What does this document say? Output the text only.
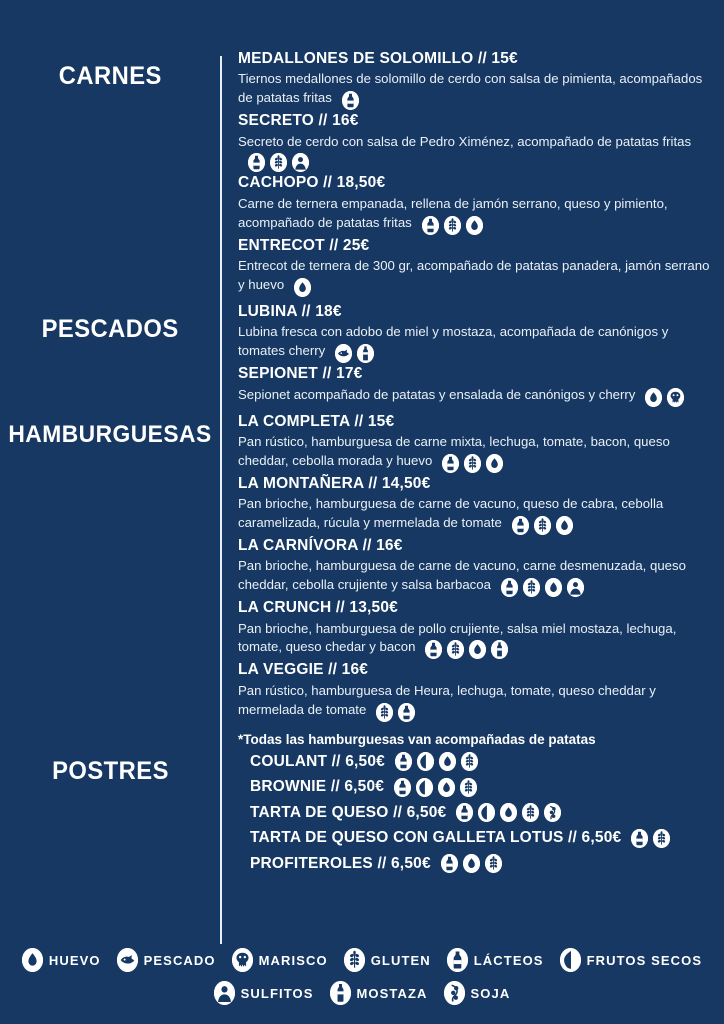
CARNES
MEDALLONES DE SOLOMILLO // 15€
Tiernos medallones de solomillo de cerdo con salsa de pimienta, acompañados de patatas fritas
SECRETO // 16€
Secreto de cerdo con salsa de Pedro Ximénez, acompañado de patatas fritas
CACHOPO // 18,50€
Carne de ternera empanada, rellena de jamón serrano, queso y pimiento, acompañado de patatas fritas
ENTRECOT // 25€
Entrecot de ternera de 300 gr, acompañado de patatas panadera, jamón serrano y huevo
PESCADOS
LUBINA // 18€
Lubina fresca con adobo de miel y mostaza, acompañada de canónigos y tomates cherry
SEPIONET // 17€
Sepionet acompañado de patatas y ensalada de canónigos y cherry
HAMBURGUESAS LA COMPLETA // 15€
Pan rústico, hamburguesa de carne mixta, lechuga, tomate, bacon, queso cheddar, cebolla morada y huevo
LA MONTAÑERA // 14,50€
Pan brioche, hamburguesa de carne de vacuno, queso de cabra, cebolla caramelizada, rúcula y mermelada de tomate
LA CARNÍVORA // 16€
Pan brioche, hamburguesa de carne de vacuno, carne desmenuzada, queso cheddar, cebolla crujiente y salsa barbacoa
LA CRUNCH // 13,50€
Pan brioche, hamburguesa de pollo crujiente, salsa miel mostaza, lechuga, tomate, queso chedar y bacon
LA VEGGIE // 16€
Pan rústico, hamburguesa de Heura, lechuga, tomate, queso cheddar y mermelada de tomate
*Todas las hamburguesas van acompañadas de patatas
POSTRES	COULANT // 6,50€
BROWNIE // 6,50€
TARTA DE QUESO // 6,50€
TARTA DE QUESO CON GALLETA LOTUS // 6,50€
PROFITEROLES // 6,50€
HUEVO	PESCADO	MARISCO	GLUTEN	LÁCTEOS	FRUTOS SECOS
SULFITOS	MOSTAZA	SOJA
